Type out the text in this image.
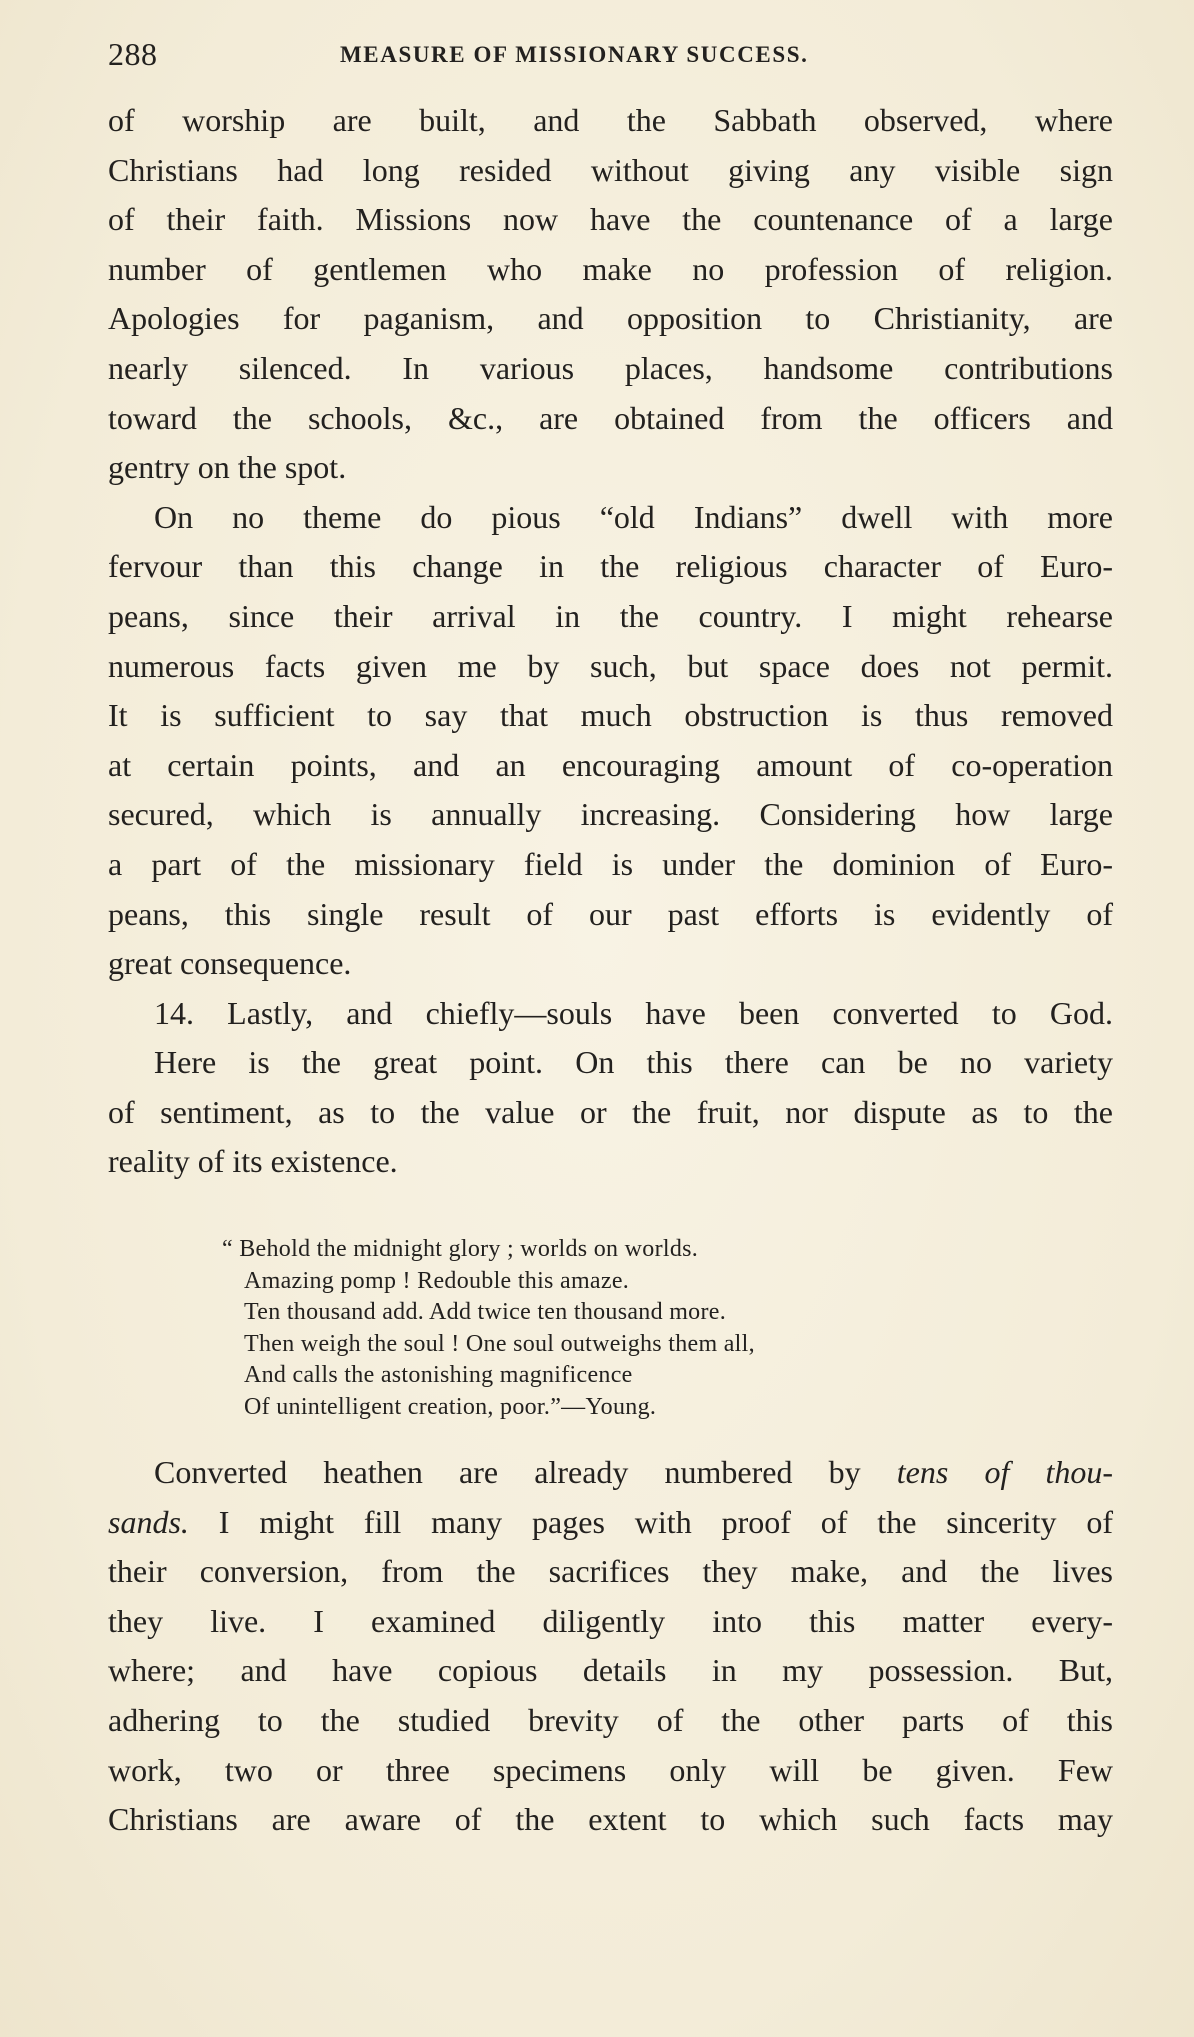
288	MEASURE OF MISSIONARY SUCCESS.
of worship are built, and the Sabbath observed, where
Christians had long resided without giving any visible sign
of their faith. Missions now have the countenance of a large
number of gentlemen who make no profession of religion.
Apologies for paganism, and opposition to Christianity, are
nearly silenced. In various places, handsome contributions
toward the schools, &c., are obtained from the officers and
gentry on the spot.
On no theme do pious “old Indians” dwell with more
fervour than this change in the religious character of Euro-
peans, since their arrival in the country. I might rehearse
numerous facts given me by such, but space does not permit.
It is sufficient to say that much obstruction is thus removed
at certain points, and an encouraging amount of co-operation
secured, which is annually increasing. Considering how large
a part of the missionary field is under the dominion of Euro-
peans, this single result of our past efforts is evidently of
great consequence.
14. Lastly, and chiefly—souls have been converted to God.
Here is the great point. On this there can be no variety
of sentiment, as to the value or the fruit, nor dispute as to the
reality of its existence.
“ Behold the midnight glory ; worlds on worlds.
Amazing pomp ! Redouble this amaze.
Ten thousand add. Add twice ten thousand more.
Then weigh the soul ! One soul outweighs them all,
And calls the astonishing magnificence
Of unintelligent creation, poor.”—Young.
Converted heathen are already numbered by tens of thou-
sands. I might fill many pages with proof of the sincerity of
their conversion, from the sacrifices they make, and the lives
they live. I examined diligently into this matter every-
where; and have copious details in my possession. But,
adhering to the studied brevity of the other parts of this
work, two or three specimens only will be given. Few
Christians are aware of the extent to which such facts may
